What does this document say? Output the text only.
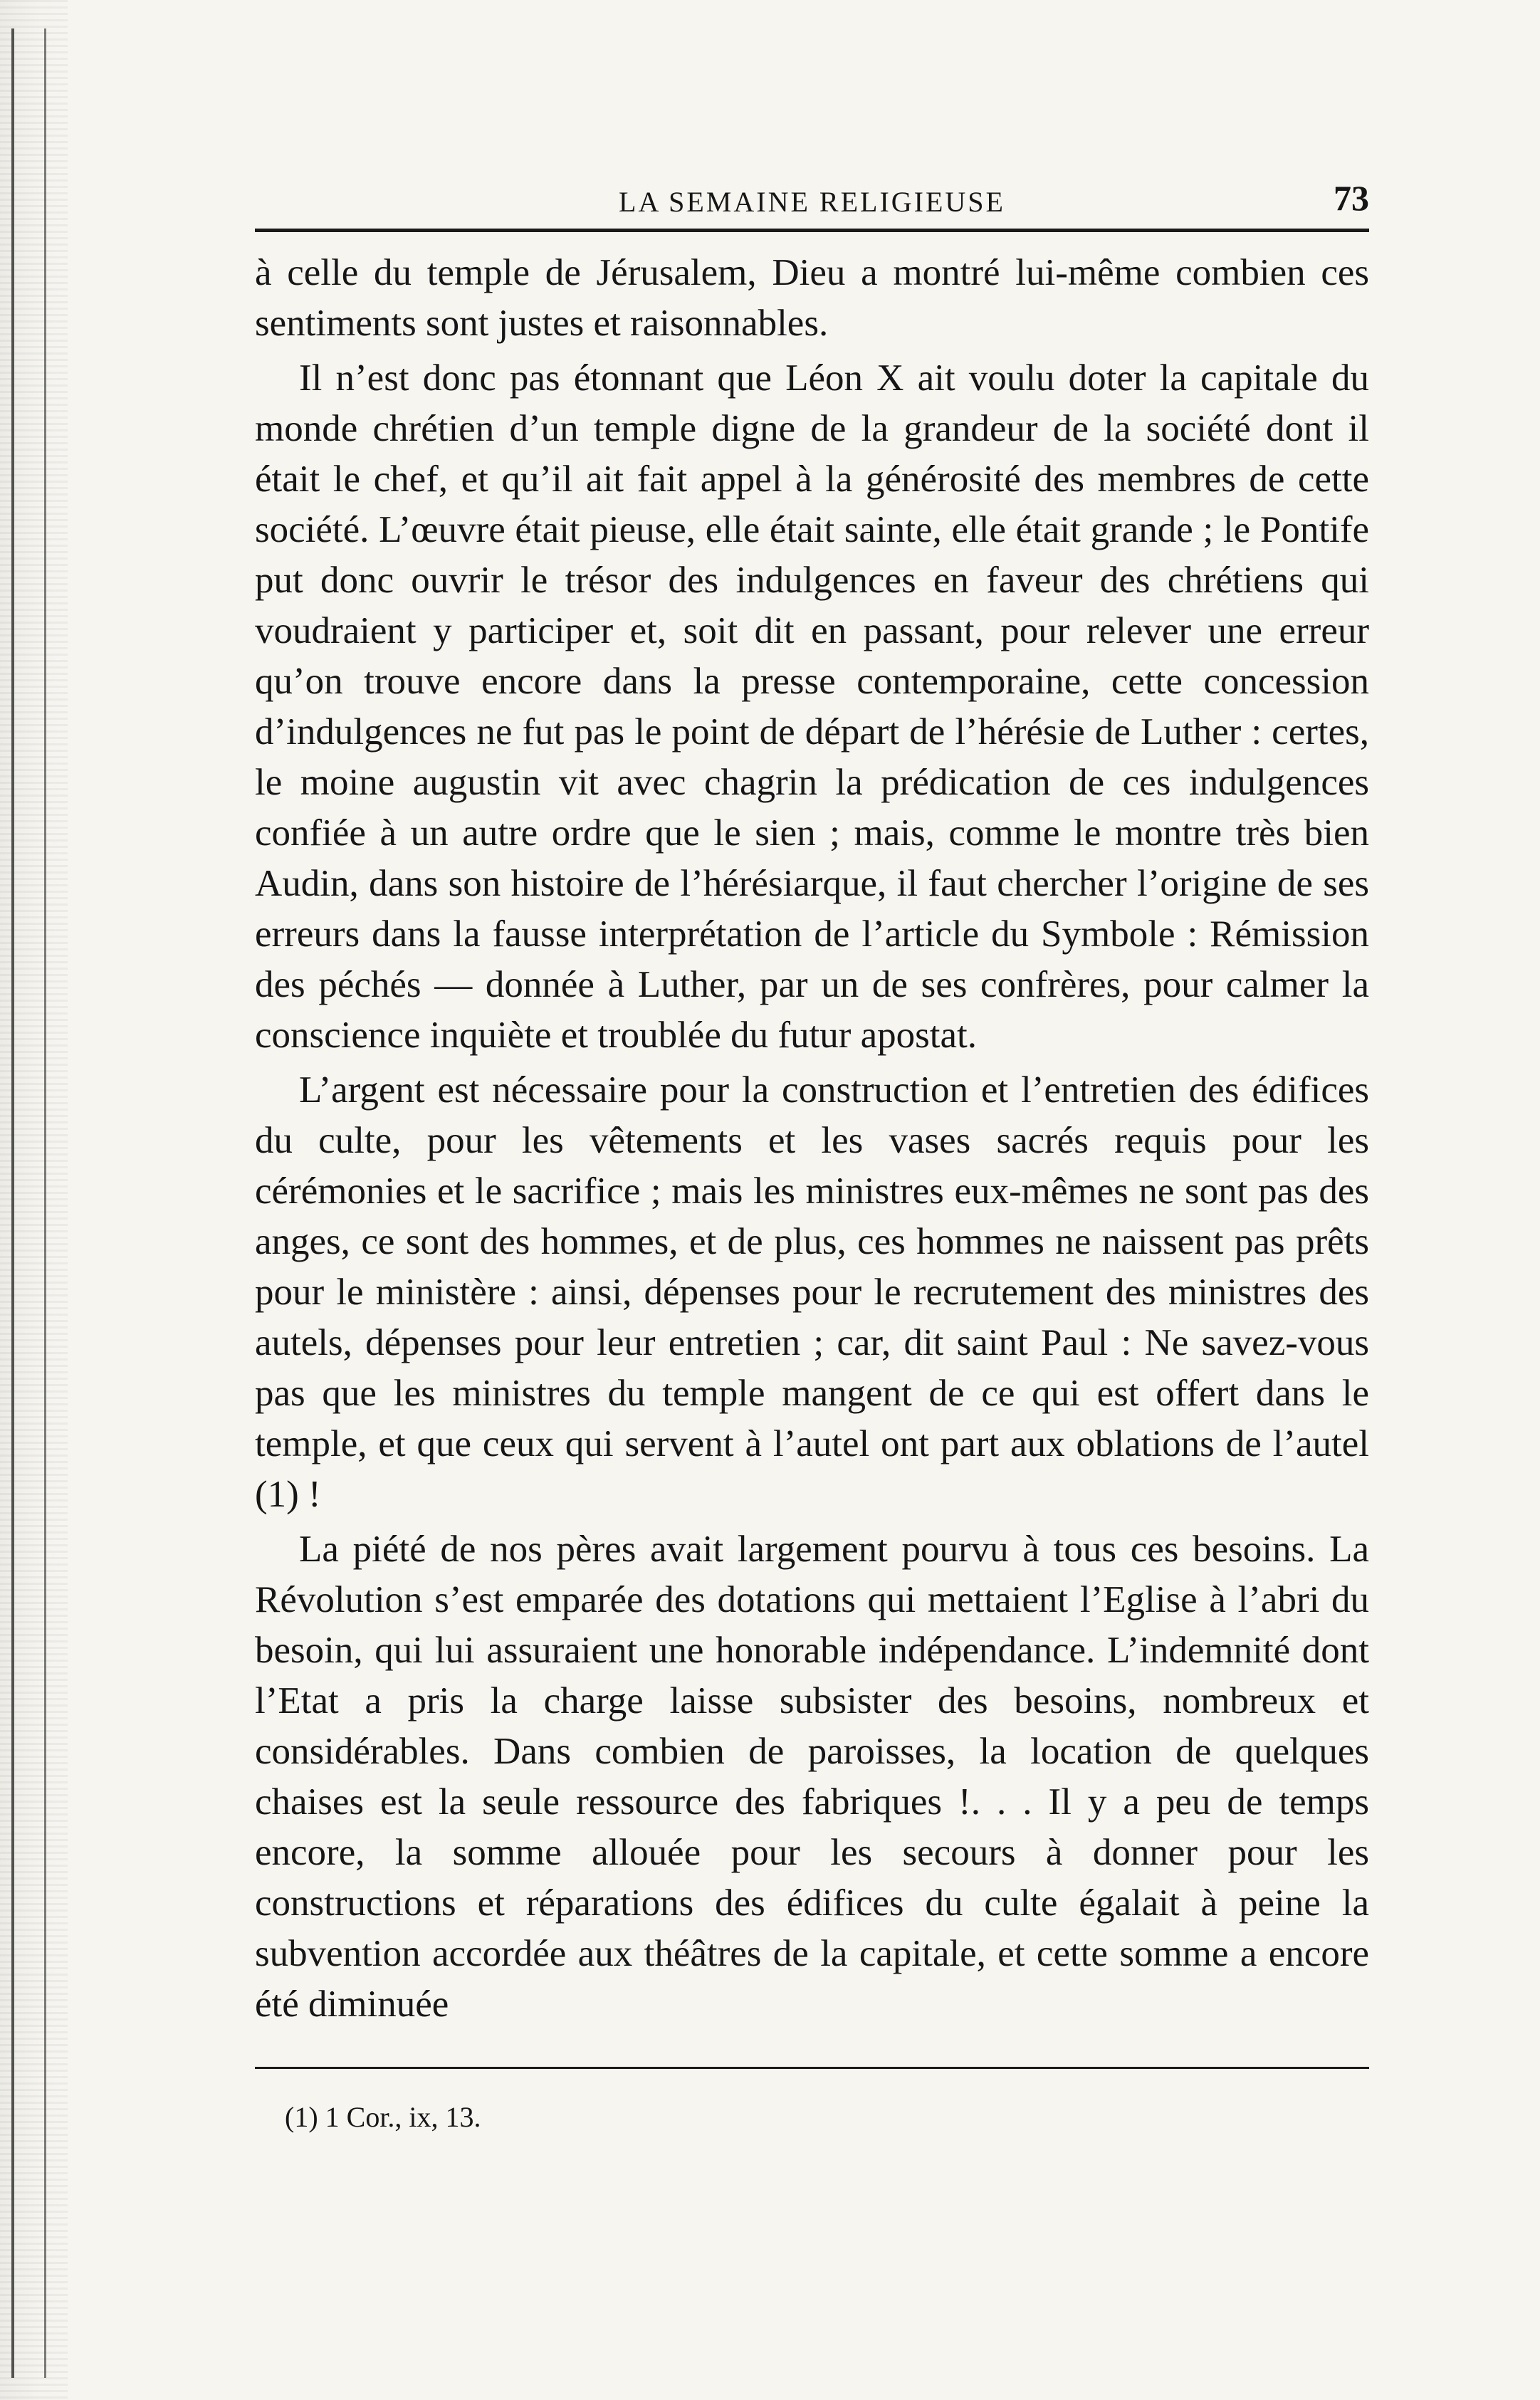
LA SEMAINE RELIGIEUSE	73

à celle du temple de Jérusalem, Dieu a montré lui-même combien ces sentiments sont justes et raisonnables.

Il n’est donc pas étonnant que Léon X ait voulu doter la capitale du monde chrétien d’un temple digne de la grandeur de la société dont il était le chef, et qu’il ait fait appel à la générosité des membres de cette société. L’œuvre était pieuse, elle était sainte, elle était grande ; le Pontife put donc ouvrir le trésor des indulgences en faveur des chrétiens qui voudraient y participer et, soit dit en passant, pour relever une erreur qu’on trouve encore dans la presse contemporaine, cette concession d’indulgences ne fut pas le point de départ de l’hérésie de Luther : certes, le moine augustin vit avec chagrin la prédication de ces indulgences confiée à un autre ordre que le sien ; mais, comme le montre très bien Audin, dans son histoire de l’hérésiarque, il faut chercher l’origine de ses erreurs dans la fausse interprétation de l’article du Symbole : Rémission des péchés — donnée à Luther, par un de ses confrères, pour calmer la conscience inquiète et troublée du futur apostat.

L’argent est nécessaire pour la construction et l’entretien des édifices du culte, pour les vêtements et les vases sacrés requis pour les cérémonies et le sacrifice ; mais les ministres eux-mêmes ne sont pas des anges, ce sont des hommes, et de plus, ces hommes ne naissent pas prêts pour le ministère : ainsi, dépenses pour le recrutement des ministres des autels, dépenses pour leur entretien ; car, dit saint Paul : Ne savez-vous pas que les ministres du temple mangent de ce qui est offert dans le temple, et que ceux qui servent à l’autel ont part aux oblations de l’autel (1) !

La piété de nos pères avait largement pourvu à tous ces besoins. La Révolution s’est emparée des dotations qui mettaient l’Eglise à l’abri du besoin, qui lui assuraient une honorable indépendance. L’indemnité dont l’Etat a pris la charge laisse subsister des besoins, nombreux et considérables. Dans combien de paroisses, la location de quelques chaises est la seule ressource des fabriques !. . . Il y a peu de temps encore, la somme allouée pour les secours à donner pour les constructions et réparations des édifices du culte égalait à peine la subvention accordée aux théâtres de la capitale, et cette somme a encore été diminuée

(1) 1 Cor., ix, 13.
